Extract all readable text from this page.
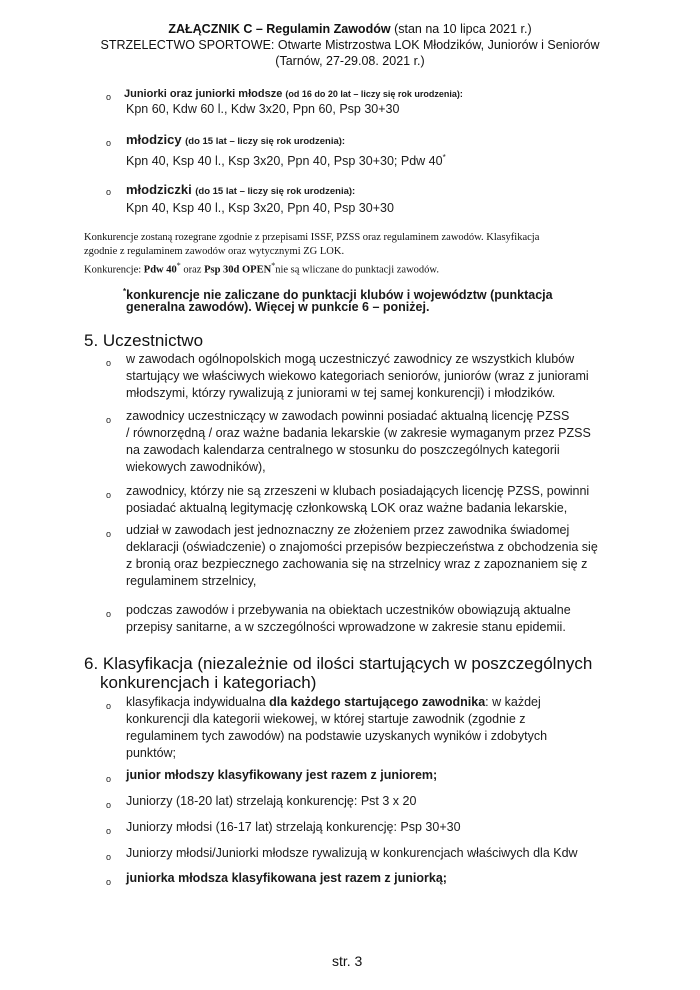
ZAŁĄCZNIK C – Regulamin Zawodów (stan na 10 lipca 2021 r.)
STRZELECTWO SPORTOWE: Otwarte Mistrzostwa LOK Młodzików, Juniorów i Seniorów
(Tarnów, 27-29.08. 2021 r.)
o Juniorki oraz juniorki młodsze (od 16 do 20 lat – liczy się rok urodzenia):
Kpn 60, Kdw 60 l., Kdw 3x20, Ppn 60, Psp 30+30
o młodzicy (do 15 lat – liczy się rok urodzenia):
Kpn 40, Ksp 40 l., Ksp 3x20, Ppn 40, Psp 30+30; Pdw 40*
o młodziczki (do 15 lat – liczy się rok urodzenia):
Kpn 40, Ksp 40 l., Ksp 3x20, Ppn 40, Psp 30+30
Konkurencje zostaną rozegrane zgodnie z przepisami ISSF, PZSS oraz regulaminem zawodów. Klasyfikacja
zgodnie z regulaminem zawodów oraz wytycznymi ZG LOK.
Konkurencje: Pdw 40* oraz Psp 30d OPEN*nie są wliczane do punktacji zawodów.
*konkurencje nie zaliczane do punktacji klubów i województw (punktacja
generalna zawodów). Więcej w punkcie 6 – poniżej.
5. Uczestnictwo
o w zawodach ogólnopolskich mogą uczestniczyć zawodnicy ze wszystkich klubów
startujący we właściwych wiekowo kategoriach seniorów, juniorów (wraz z juniorami
młodszymi, którzy rywalizują z juniorami w tej samej konkurencji) i młodzików.
o zawodnicy uczestniczący w zawodach powinni posiadać aktualną licencję PZSS
/ równorzędną / oraz ważne badania lekarskie (w zakresie wymaganym przez PZSS
na zawodach kalendarza centralnego w stosunku do poszczególnych kategorii
wiekowych zawodników),
o zawodnicy, którzy nie są zrzeszeni w klubach posiadających licencję PZSS, powinni
posiadać aktualną legitymację członkowską LOK oraz ważne badania lekarskie,
o udział w zawodach jest jednoznaczny ze złożeniem przez zawodnika świadomej
deklaracji (oświadczenie) o znajomości przepisów bezpieczeństwa z obchodzenia się
z bronią oraz bezpiecznego zachowania się na strzelnicy wraz z zapoznaniem się z
regulaminem strzelnicy,
o podczas zawodów i przebywania na obiektach uczestników obowiązują aktualne
przepisy sanitarne, a w szczególności wprowadzone w zakresie stanu epidemii.
6. Klasyfikacja (niezależnie od ilości startujących w poszczególnych
konkurencjach i kategoriach)
o klasyfikacja indywidualna dla każdego startującego zawodnika: w każdej
konkurencji dla kategorii wiekowej, w której startuje zawodnik (zgodnie z
regulaminem tych zawodów) na podstawie uzyskanych wyników i zdobytych
punktów;
o junior młodszy klasyfikowany jest razem z juniorem;
o Juniorzy (18-20 lat) strzelają konkurencję: Pst 3 x 20
o Juniorzy młodsi (16-17 lat) strzelają konkurencję: Psp 30+30
o Juniorzy młodsi/Juniorki młodsze rywalizują w konkurencjach właściwych dla Kdw
o juniorka młodsza klasyfikowana jest razem z juniorką;
str. 3
